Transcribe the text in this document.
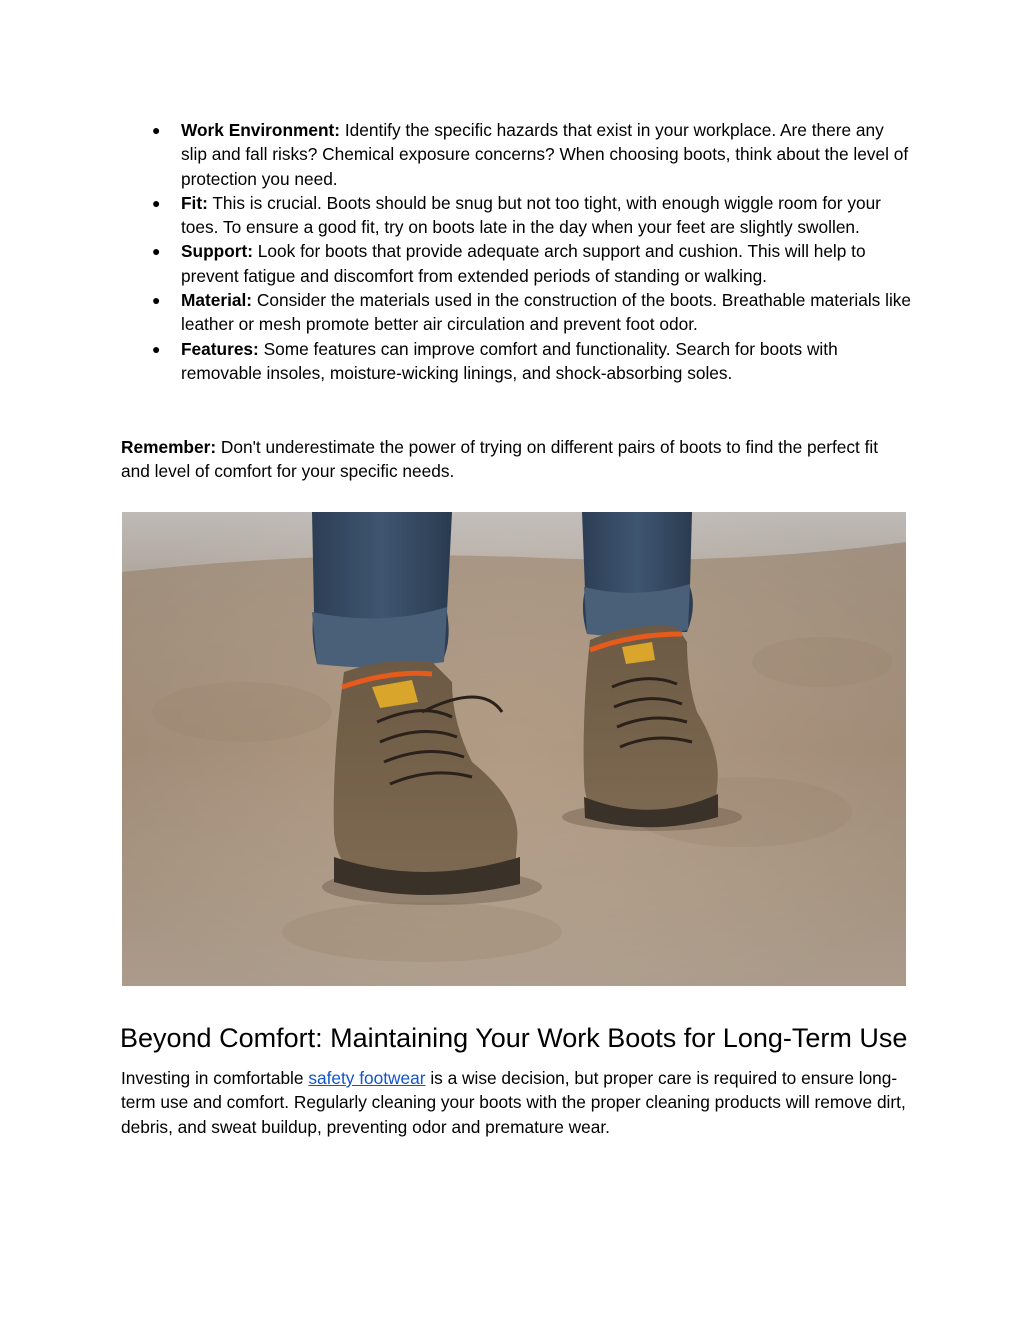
●	Work Environment: Identify the specific hazards that exist in your workplace. Are there any slip and fall risks? Chemical exposure concerns? When choosing boots, think about the level of protection you need.
●	Fit: This is crucial. Boots should be snug but not too tight, with enough wiggle room for your toes. To ensure a good fit, try on boots late in the day when your feet are slightly swollen.
●	Support: Look for boots that provide adequate arch support and cushion. This will help to prevent fatigue and discomfort from extended periods of standing or walking.
●	Material: Consider the materials used in the construction of the boots. Breathable materials like leather or mesh promote better air circulation and prevent foot odor.
●	Features: Some features can improve comfort and functionality. Search for boots with removable insoles, moisture-wicking linings, and shock-absorbing soles.

Remember: Don't underestimate the power of trying on different pairs of boots to find the perfect fit and level of comfort for your specific needs.

Beyond Comfort: Maintaining Your Work Boots for Long-Term Use

Investing in comfortable safety footwear is a wise decision, but proper care is required to ensure long-term use and comfort. Regularly cleaning your boots with the proper cleaning products will remove dirt, debris, and sweat buildup, preventing odor and premature wear.
